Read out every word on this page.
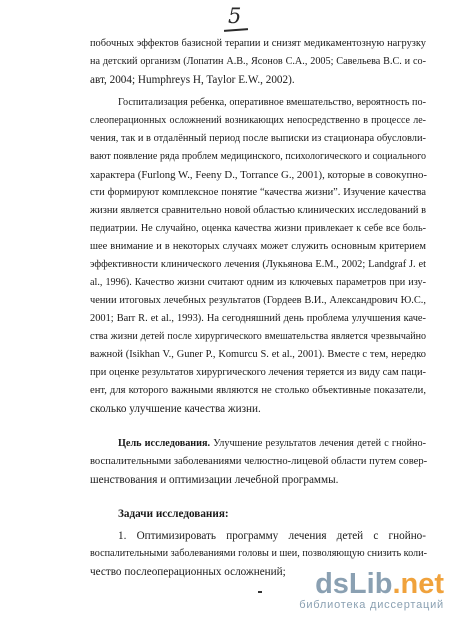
5
побочных эффектов базисной терапии и снизят медикаментозную нагрузку
на детский организм (Лопатин А.В., Ясонов С.А., 2005; Савельева В.С. и со-
авт, 2004; Humphreys H, Taylor E.W., 2002).
Госпитализация ребенка, оперативное вмешательство, вероятность по-
слеоперационных осложнений возникающих непосредственно в процессе ле-
чения, так и в отдалённый период после выписки из стационара обусловли-
вают появление ряда проблем медицинского, психологического и социального
характера (Furlong W., Feeny D., Torrance G., 2001), которые в совокупно-
сти формируют комплексное понятие “качества жизни”. Изучение качества
жизни является сравнительно новой областью клинических исследований в
педиатрии. Не случайно, оценка качества жизни привлекает к себе все боль-
шее внимание и в некоторых случаях может служить основным критерием
эффективности клинического лечения (Лукьянова Е.М., 2002; Landgraf J. et
al., 1996). Качество жизни считают одним из ключевых параметров при изу-
чении итоговых лечебных результатов (Гордеев В.И., Александрович Ю.С.,
2001; Barr R. et al., 1993). На сегодняшний день проблема улучшения каче-
ства жизни детей после хирургического вмешательства является чрезвычайно
важной (Isikhan V., Guner P., Komurcu S. et al., 2001). Вместе с тем, нередко
при оценке результатов хирургического лечения теряется из виду сам паци-
ент, для которого важными являются не столько объективные показатели,
сколько улучшение качества жизни.
Цель исследования. Улучшение результатов лечения детей с гнойно-
воспалительными заболеваниями челюстно-лицевой области путем совер-
шенствования и оптимизации лечебной программы.
Задачи исследования:
1. Оптимизировать программу лечения детей с гнойно-
воспалительными заболеваниями головы и шеи, позволяющую снизить коли-
чество послеоперационных осложнений;	dsLib.net
библиотека диссертаций
